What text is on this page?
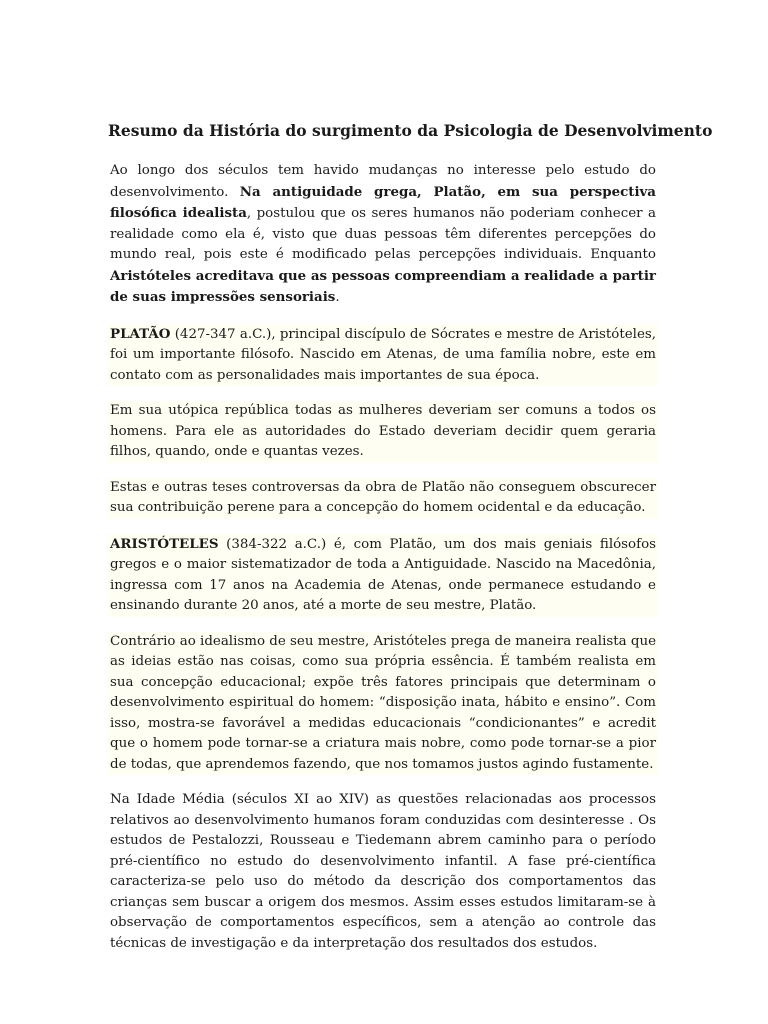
Resumo da História do surgimento da Psicologia de Desenvolvimento

Ao longo dos séculos tem havido mudanças no interesse pelo estudo do desenvolvimento. Na antiguidade grega, Platão, em sua perspectiva filosófica idealista, postulou que os seres humanos não poderiam conhecer a realidade como ela é, visto que duas pessoas têm diferentes percepções do mundo real, pois este é modificado pelas percepções individuais. Enquanto Aristóteles acreditava que as pessoas compreendiam a realidade a partir de suas impressões sensoriais.

PLATÃO (427-347 a.C.), principal discípulo de Sócrates e mestre de Aristóteles, foi um importante filósofo. Nascido em Atenas, de uma família nobre, este em contato com as personalidades mais importantes de sua época.

Em sua utópica república todas as mulheres deveriam ser comuns a todos os homens. Para ele as autoridades do Estado deveriam decidir quem geraria filhos, quando, onde e quantas vezes.

Estas e outras teses controversas da obra de Platão não conseguem obscurecer sua contribuição perene para a concepção do homem ocidental e da educação.

ARISTÓTELES (384-322 a.C.) é, com Platão, um dos mais geniais filósofos gregos e o maior sistematizador de toda a Antiguidade. Nascido na Macedônia, ingressa com 17 anos na Academia de Atenas, onde permanece estudando e ensinando durante 20 anos, até a morte de seu mestre, Platão.

Contrário ao idealismo de seu mestre, Aristóteles prega de maneira realista que as ideias estão nas coisas, como sua própria essência. É também realista em sua concepção educacional; expõe três fatores principais que determinam o desenvolvimento espiritual do homem: “disposição inata, hábito e ensino”. Com isso, mostra-se favorável a medidas educacionais “condicionantes” e acredit que o homem pode tornar-se a criatura mais nobre, como pode tornar-se a pior de todas, que aprendemos fazendo, que nos tomamos justos agindo fustamente.

Na Idade Média (séculos XI ao XIV) as questões relacionadas aos processos relativos ao desenvolvimento humanos foram conduzidas com desinteresse . Os estudos de Pestalozzi, Rousseau e Tiedemann abrem caminho para o período pré-científico no estudo do desenvolvimento infantil. A fase pré-científica caracteriza-se pelo uso do método da descrição dos comportamentos das crianças sem buscar a origem dos mesmos. Assim esses estudos limitaram-se à observação de comportamentos específicos, sem a atenção ao controle das técnicas de investigação e da interpretação dos resultados dos estudos.
